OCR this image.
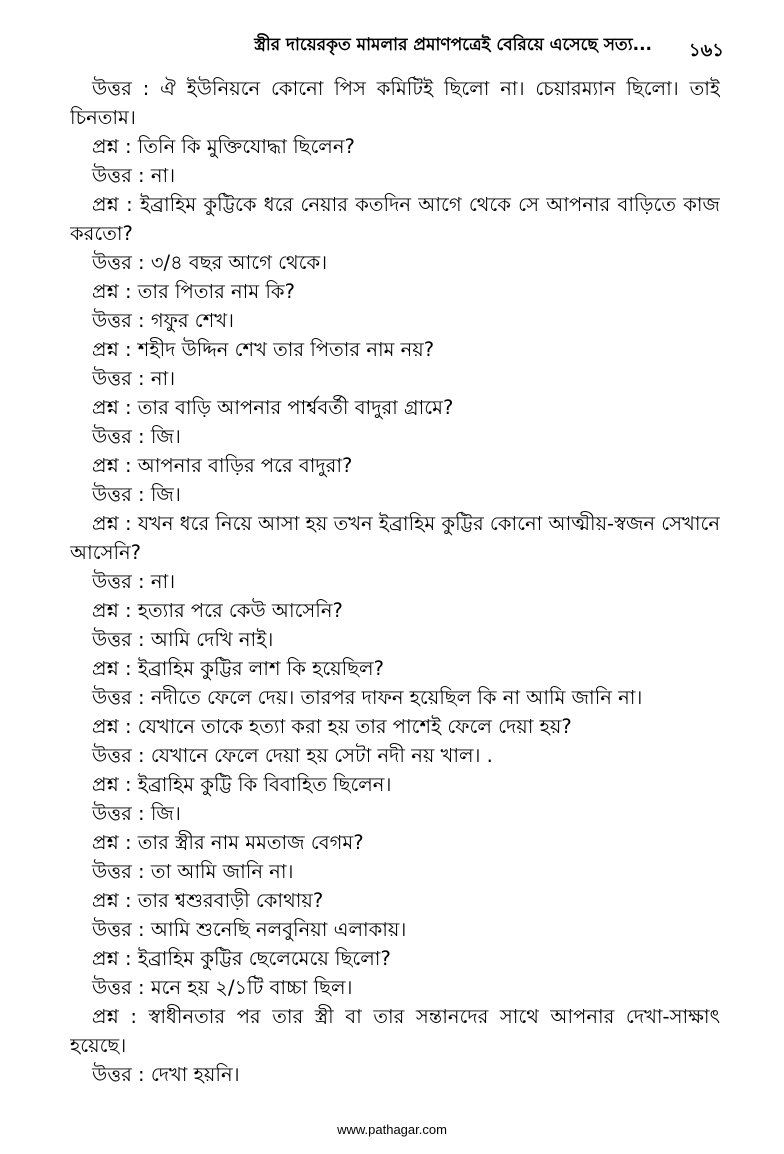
স্ত্রীর দায়েরকৃত মামলার প্রমাণপত্রেই বেরিয়ে এসেছে সত্য... ১৬১
উত্তর : ঐ ইউনিয়নে কোনো পিস কমিটিই ছিলো না। চেয়ারম্যান ছিলো। তাই
চিনতাম।
প্রশ্ন : তিনি কি মুক্তিযোদ্ধা ছিলেন?
উত্তর : না।
প্রশ্ন : ইব্রাহিম কুট্টিকে ধরে নেয়ার কতদিন আগে থেকে সে আপনার বাড়িতে কাজ
করতো?
উত্তর : ৩/৪ বছর আগে থেকে।
প্রশ্ন : তার পিতার নাম কি?
উত্তর : গফুর শেখ।
প্রশ্ন : শহীদ উদ্দিন শেখ তার পিতার নাম নয়?
উত্তর : না।
প্রশ্ন : তার বাড়ি আপনার পার্শ্ববর্তী বাদুরা গ্রামে?
উত্তর : জি।
প্রশ্ন : আপনার বাড়ির পরে বাদুরা?
উত্তর : জি।
প্রশ্ন : যখন ধরে নিয়ে আসা হয় তখন ইব্রাহিম কুট্টির কোনো আত্মীয়-স্বজন সেখানে
আসেনি?
উত্তর : না।
প্রশ্ন : হত্যার পরে কেউ আসেনি?
উত্তর : আমি দেখি নাই।
প্রশ্ন : ইব্রাহিম কুট্টির লাশ কি হয়েছিল?
উত্তর : নদীতে ফেলে দেয়। তারপর দাফন হয়েছিল কি না আমি জানি না।
প্রশ্ন : যেখানে তাকে হত্যা করা হয় তার পাশেই ফেলে দেয়া হয়?
উত্তর : যেখানে ফেলে দেয়া হয় সেটা নদী নয় খাল। .
প্রশ্ন : ইব্রাহিম কুট্টি কি বিবাহিত ছিলেন।
উত্তর : জি।
প্রশ্ন : তার স্ত্রীর নাম মমতাজ বেগম?
উত্তর : তা আমি জানি না।
প্রশ্ন : তার শ্বশুরবাড়ী কোথায়?
উত্তর : আমি শুনেছি নলবুনিয়া এলাকায়।
প্রশ্ন : ইব্রাহিম কুট্টির ছেলেমেয়ে ছিলো?
উত্তর : মনে হয় ২/১টি বাচ্চা ছিল।
প্রশ্ন : স্বাধীনতার পর তার স্ত্রী বা তার সন্তানদের সাথে আপনার দেখা-সাক্ষাৎ
হয়েছে।
উত্তর : দেখা হয়নি।
www.pathagar.com
